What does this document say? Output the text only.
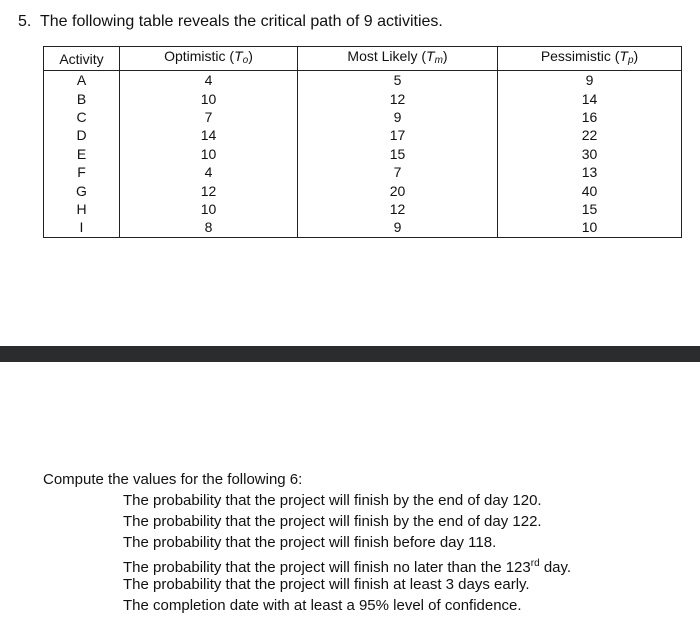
5. The following table reveals the critical path of 9 activities.
Activity	Optimistic $(T_o)$	Most Likely $(T_m)$	Pessimistic $(T_p)$
A	4	5	9
B	10	12	14
C	7	9	16
D	14	17	22
E	10	15	30
F	4	7	13
G	12	20	40
H	10	12	15
I	8	9	10
Compute the values for the following 6:
The probability that the project will finish by the end of day 120.
The probability that the project will finish by the end of day 122.
The probability that the project will finish before day 118.
The probability that the project will finish no later than the 123rd day.
The probability that the project will finish at least 3 days early.
The completion date with at least a 95% level of confidence.
